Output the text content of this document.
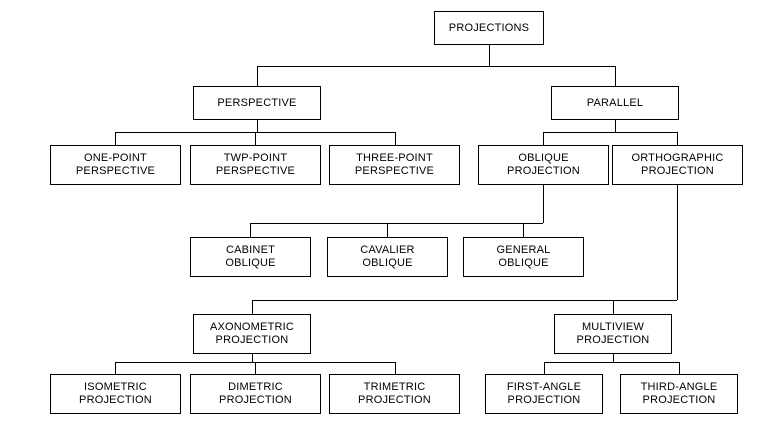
PROJECTIONS
PERSPECTIVE	PARALLEL
ONE-POINT
PERSPECTIVE
TWP-POINT
PERSPECTIVE
THREE-POINT
PERSPECTIVE
OBLIQUE
PROJECTION
ORTHOGRAPHIC
PROJECTION
CABINET
OBLIQUE
CAVALIER
OBLIQUE
GENERAL
OBLIQUE
AXONOMETRIC
PROJECTION
MULTIVIEW
PROJECTION
ISOMETRIC
PROJECTION
DIMETRIC
PROJECTION
TRIMETRIC
PROJECTION
FIRST-ANGLE
PROJECTION
THIRD-ANGLE
PROJECTION
